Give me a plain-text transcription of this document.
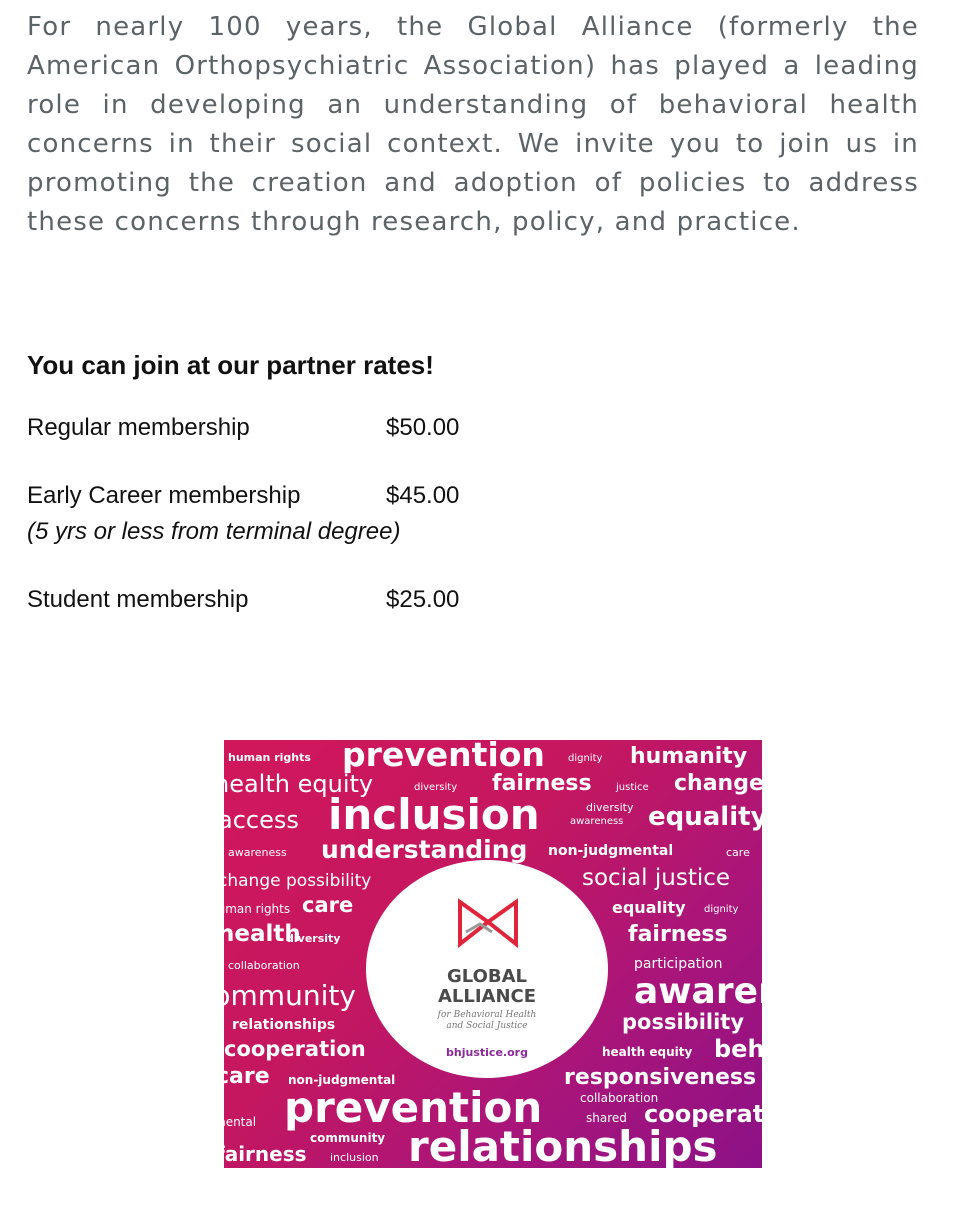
For nearly 100 years, the Global Alliance (formerly the American Orthopsychiatric Association) has played a leading role in developing an understanding of behavioral health concerns in their social context. We invite you to join us in promoting the creation and adoption of policies to address these concerns through research, policy, and practice.

You can join at our partner rates!
Regular membership	$50.00
Early Career membership	$45.00
(5 yrs or less from terminal degree)
Student membership	$25.00
human rights prevention dignity humanity
health equity	diversity fairness justice change
access inclusion	diversity
awareness equality
awareness understanding non-judgmental	care
change possibility	social justice
human rights care	equality dignity
health
diversity	fairness
collaboration	participation
community	awareness
relationships	possibility
cooperation	health equity behavior
care non-judgmental	responsiveness
collaboration
mental prevention	shared cooperation
community
fairness inclusion relationships
GLOBAL
ALLIANCE
for Behavioral Health
and Social Justice
bhjustice.org
